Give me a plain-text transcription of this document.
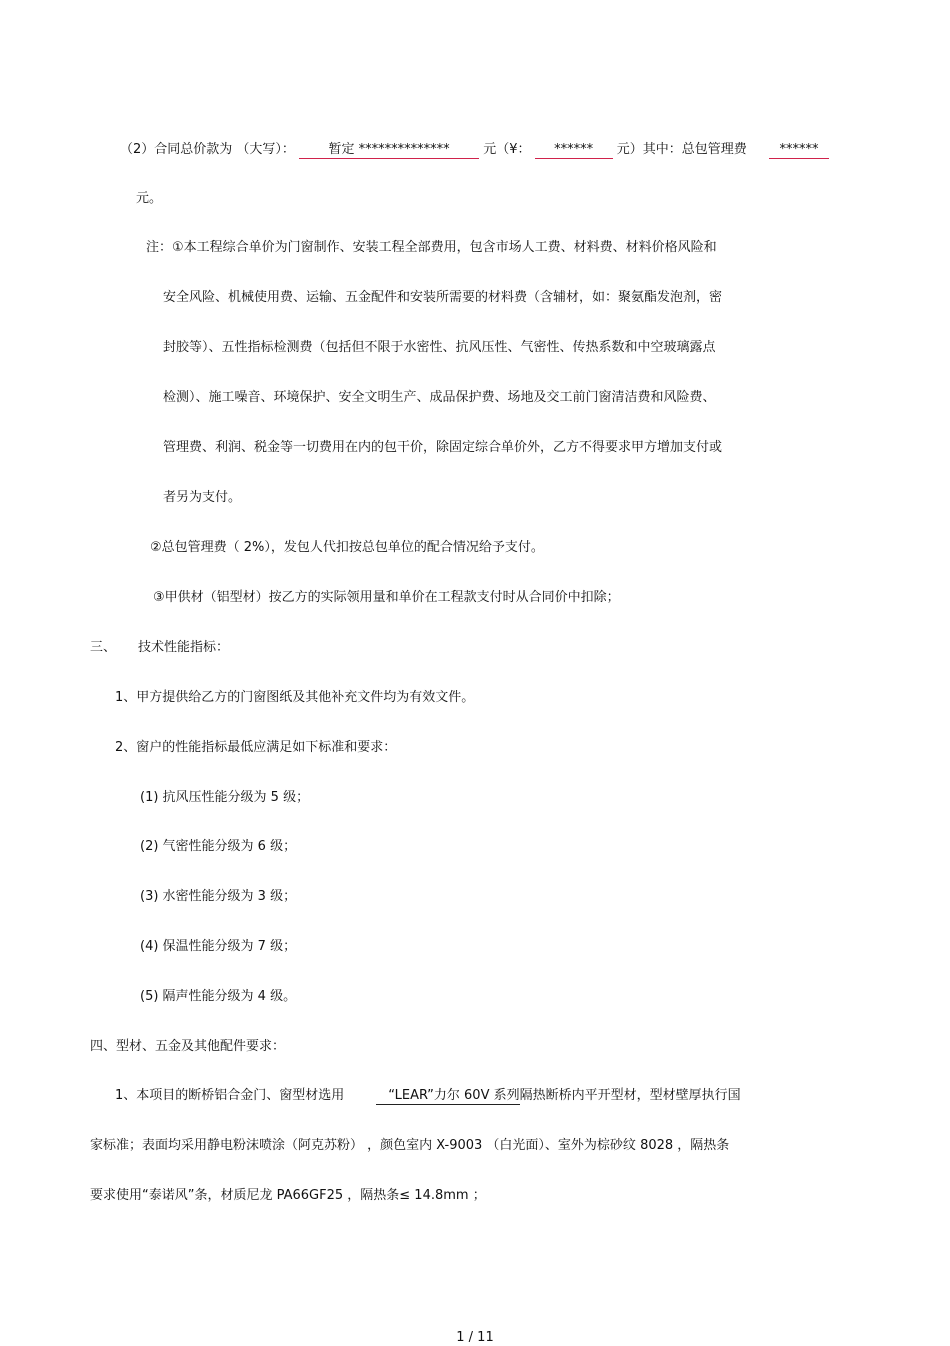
（2）合同总价款为 （大写）：	暂定 **************	元（¥： ****** 元）其中：总包管理费	******
元。
注：①本工程综合单价为门窗制作、安装工程全部费用，包含市场人工费、材料费、材料价格风险和
安全风险、机械使用费、运输、五金配件和安装所需要的材料费（含辅材，如：聚氨酯发泡剂，密
封胶等）、五性指标检测费（包括但不限于水密性、抗风压性、气密性、传热系数和中空玻璃露点
检测）、施工噪音、环境保护、安全文明生产、成品保护费、场地及交工前门窗清洁费和风险费、
管理费、利润、税金等一切费用在内的包干价，除固定综合单价外，乙方不得要求甲方增加支付或
者另为支付。
②总包管理费（ 2%），发包人代扣按总包单位的配合情况给予支付。
③甲供材（铝型材）按乙方的实际领用量和单价在工程款支付时从合同价中扣除；
三、 技术性能指标：
1、甲方提供给乙方的门窗图纸及其他补充文件均为有效文件。
2、窗户的性能指标最低应满足如下标准和要求：
(1) 抗风压性能分级为 5 级；
(2) 气密性能分级为 6 级；
(3) 水密性能分级为 3 级；
(4) 保温性能分级为 7 级；
(5) 隔声性能分级为 4 级。
四、型材、五金及其他配件要求：
1、本项目的断桥铝合金门、窗型材选用	“LEAR”力尔 60V 系列隔热断桥内平开型材，型材壁厚执行国
家标准；表面均采用静电粉沫喷涂（阿克苏粉） ，颜色室内 X-9003 （白光面）、室外为棕砂纹 8028 ，隔热条
要求使用“泰诺风”条，材质尼龙 PA66GF25 ，隔热条≤ 14.8mm ；
1 / 11
